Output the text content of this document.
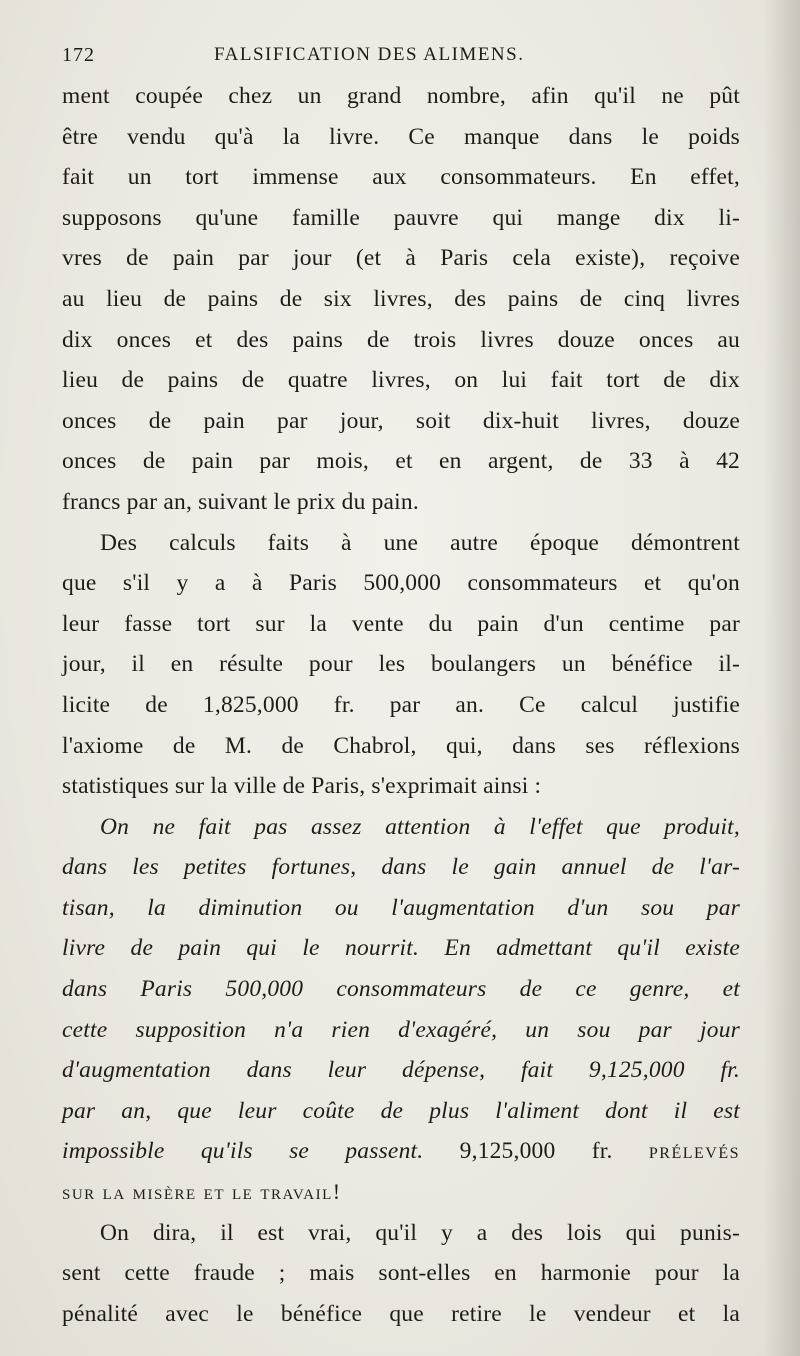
172	FALSIFICATION DES ALIMENS.
ment coupée chez un grand nombre, afin qu'il ne pût
être vendu qu'à la livre. Ce manque dans le poids
fait un tort immense aux consommateurs. En effet,
supposons qu'une famille pauvre qui mange dix li-
vres de pain par jour (et à Paris cela existe), reçoive
au lieu de pains de six livres, des pains de cinq livres
dix onces et des pains de trois livres douze onces au
lieu de pains de quatre livres, on lui fait tort de dix
onces de pain par jour, soit dix-huit livres, douze
onces de pain par mois, et en argent, de 33 à 42
francs par an, suivant le prix du pain.
Des calculs faits à une autre époque démontrent
que s'il y a à Paris 500,000 consommateurs et qu'on
leur fasse tort sur la vente du pain d'un centime par
jour, il en résulte pour les boulangers un bénéfice il-
licite de 1,825,000 fr. par an. Ce calcul justifie
l'axiome de M. de Chabrol, qui, dans ses réflexions
statistiques sur la ville de Paris, s'exprimait ainsi :
On ne fait pas assez attention à l'effet que produit,
dans les petites fortunes, dans le gain annuel de l'ar-
tisan, la diminution ou l'augmentation d'un sou par
livre de pain qui le nourrit. En admettant qu'il existe
dans Paris 500,000 consommateurs de ce genre, et
cette supposition n'a rien d'exagéré, un sou par jour
d'augmentation dans leur dépense, fait 9,125,000 fr.
par an, que leur coûte de plus l'aliment dont il est
impossible qu'ils se passent. 9,125,000 fr. prélevés
sur la misère et le travail!
On dira, il est vrai, qu'il y a des lois qui punis-
sent cette fraude ; mais sont-elles en harmonie pour la
pénalité avec le bénéfice que retire le vendeur et la
